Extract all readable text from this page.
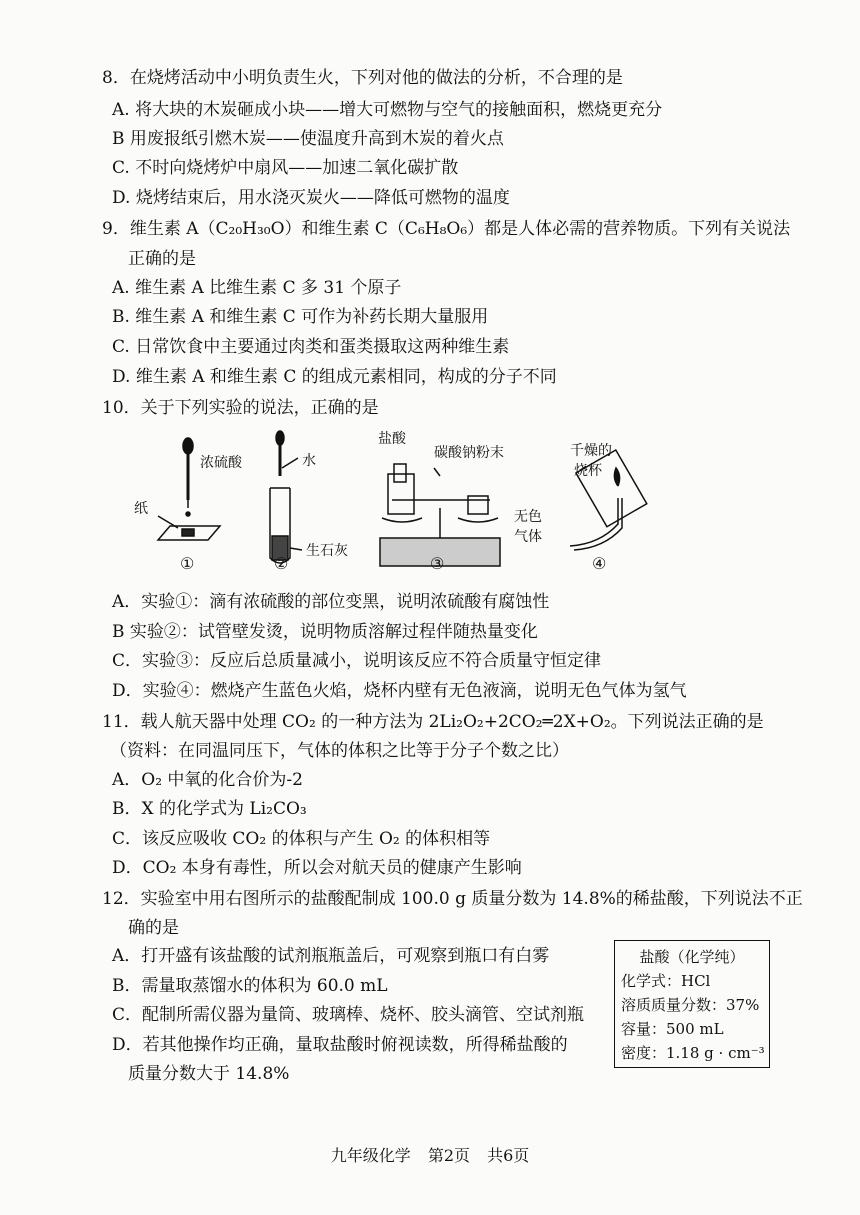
8．在烧烤活动中小明负责生火，下列对他的做法的分析，不合理的是
A. 将大块的木炭砸成小块——增大可燃物与空气的接触面积，燃烧更充分
B 用废报纸引燃木炭——使温度升高到木炭的着火点
C. 不时向烧烤炉中扇风——加速二氧化碳扩散
D. 烧烤结束后，用水浇灭炭火——降低可燃物的温度
9．维生素 A（C₂₀H₃₀O）和维生素 C（C₆H₈O₆）都是人体必需的营养物质。下列有关说法
正确的是
A. 维生素 A 比维生素 C 多 31 个原子
B. 维生素 A 和维生素 C 可作为补药长期大量服用
C. 日常饮食中主要通过肉类和蛋类摄取这两种维生素
D. 维生素 A 和维生素 C 的组成元素相同，构成的分子不同
10．关于下列实验的说法，正确的是
浓硫酸
纸
水
生石灰
盐酸
碳酸钠粉末	千燥的
烧杯
无色
气体
①	②	③	④
A．实验①：滴有浓硫酸的部位变黑，说明浓硫酸有腐蚀性
B 实验②：试管壁发烫，说明物质溶解过程伴随热量变化
C．实验③：反应后总质量减小，说明该反应不符合质量守恒定律
D．实验④：燃烧产生蓝色火焰，烧杯内壁有无色液滴，说明无色气体为氢气
11．载人航天器中处理 CO₂ 的一种方法为 2Li₂O₂+2CO₂═2X+O₂。下列说法正确的是
（资料：在同温同压下，气体的体积之比等于分子个数之比）
A．O₂ 中氧的化合价为-2
B．X 的化学式为 Li₂CO₃
C．该反应吸收 CO₂ 的体积与产生 O₂ 的体积相等
D．CO₂ 本身有毒性，所以会对航天员的健康产生影响
12．实验室中用右图所示的盐酸配制成 100.0 g 质量分数为 14.8%的稀盐酸，下列说法不正
确的是
A．打开盛有该盐酸的试剂瓶瓶盖后，可观察到瓶口有白雾
B．需量取蒸馏水的体积为 60.0 mL
C．配制所需仪器为量筒、玻璃棒、烧杯、胶头滴管、空试剂瓶
D．若其他操作均正确，量取盐酸时俯视读数，所得稀盐酸的
质量分数大于 14.8%
盐酸（化学纯）
化学式：HCl
溶质质量分数：37%
容量：500 mL
密度：1.18 g · cm⁻³
九年级化学 第2页 共6页
